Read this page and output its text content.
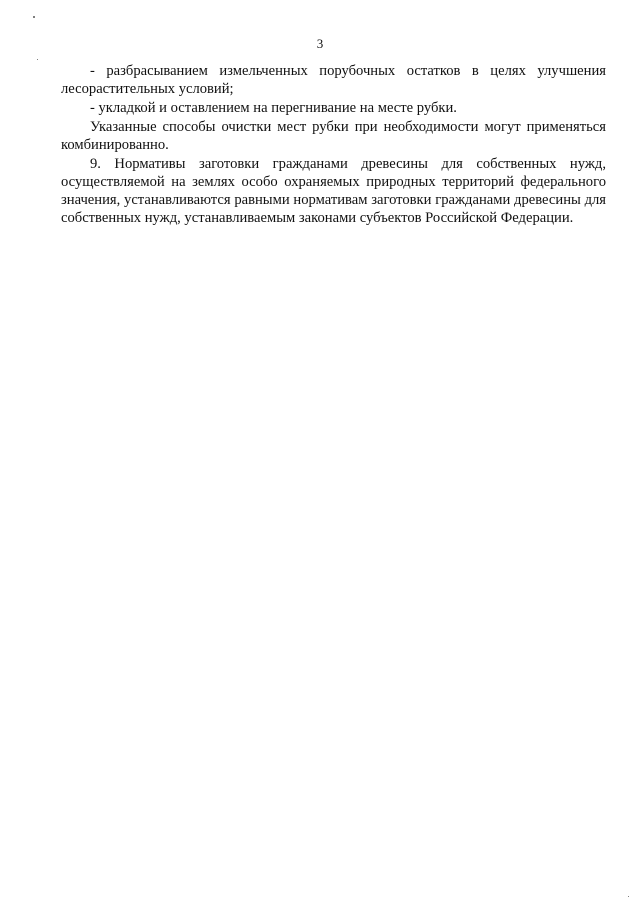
3

- разбрасыванием измельченных порубочных остатков в целях улучшения лесорастительных условий;

- укладкой и оставлением на перегнивание на месте рубки.

Указанные способы очистки мест рубки при необходимости могут применяться комбинированно.

9. Нормативы заготовки гражданами древесины для собственных нужд, осуществляемой на землях особо охраняемых природных территорий федерального значения, устанавливаются равными нормативам заготовки гражданами древесины для собственных нужд, устанавливаемым законами субъектов Российской Федерации.
